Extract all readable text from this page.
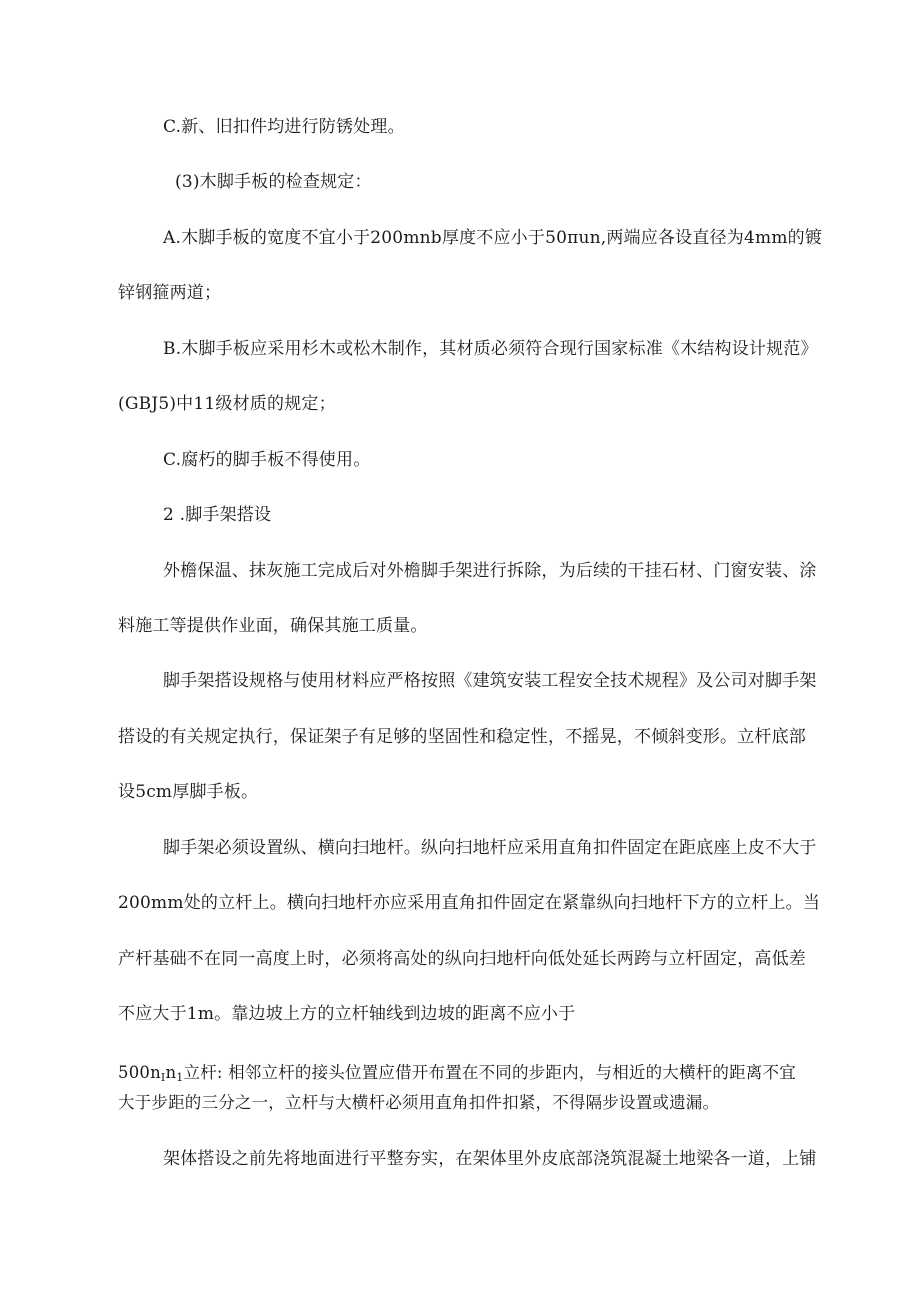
C.新、旧扣件均进行防锈处理。
(3)木脚手板的检查规定：
A.木脚手板的宽度不宜小于200mnb厚度不应小于50πun,两端应各设直径为4mm的镀
锌钢箍两道；
B.木脚手板应采用杉木或松木制作，其材质必须符合现行国家标准《木结构设计规范》
(GBJ5)中11级材质的规定；
C.腐朽的脚手板不得使用。
2 .脚手架搭设
外檐保温、抹灰施工完成后对外檐脚手架进行拆除，为后续的干挂石材、门窗安装、涂
料施工等提供作业面，确保其施工质量。
脚手架搭设规格与使用材料应严格按照《建筑安装工程安全技术规程》及公司对脚手架
搭设的有关规定执行，保证架子有足够的坚固性和稳定性，不摇晃，不倾斜变形。立杆底部
设5cm厚脚手板。
脚手架必须设置纵、横向扫地杆。纵向扫地杆应采用直角扣件固定在距底座上皮不大于
200mm处的立杆上。横向扫地杆亦应采用直角扣件固定在紧靠纵向扫地杆下方的立杆上。当
产杆基础不在同一高度上时，必须将高处的纵向扫地杆向低处延长两跨与立杆固定，高低差
不应大于1m。靠边坡上方的立杆轴线到边坡的距离不应小于
$500n_In_1$立杆: 相邻立杆的接头位置应借开布置在不同的步距内，与相近的大横杆的距离不宜
大于步距的三分之一，立杆与大横杆必须用直角扣件扣紧，不得隔步设置或遗漏。
架体搭设之前先将地面进行平整夯实，在架体里外皮底部浇筑混凝土地梁各一道，上铺
